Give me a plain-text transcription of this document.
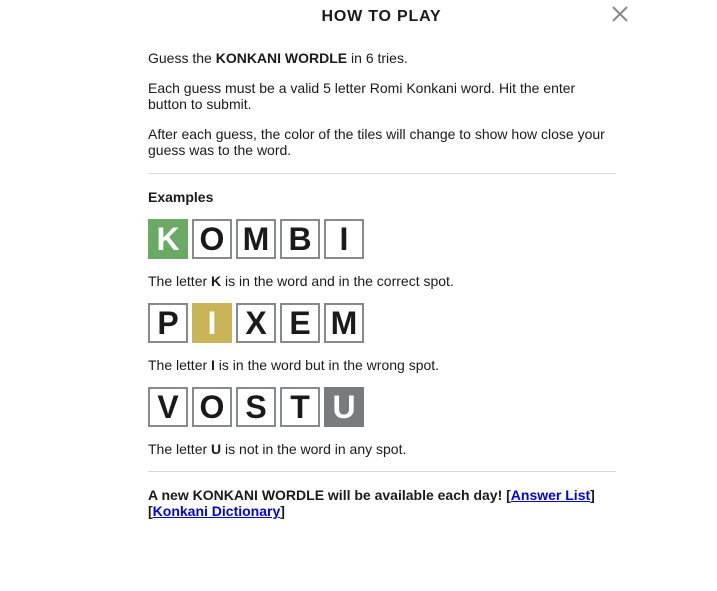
HOW TO PLAY

Guess the KONKANI WORDLE in 6 tries.

Each guess must be a valid 5 letter Romi Konkani word. Hit the enter button to submit.

After each guess, the color of the tiles will change to show how close your guess was to the word.

Examples

K O M B I

The letter K is in the word and in the correct spot.

P I X E M

The letter I is in the word but in the wrong spot.

V O S T U

The letter U is not in the word in any spot.

A new KONKANI WORDLE will be available each day! [Answer List] [Konkani Dictionary]
